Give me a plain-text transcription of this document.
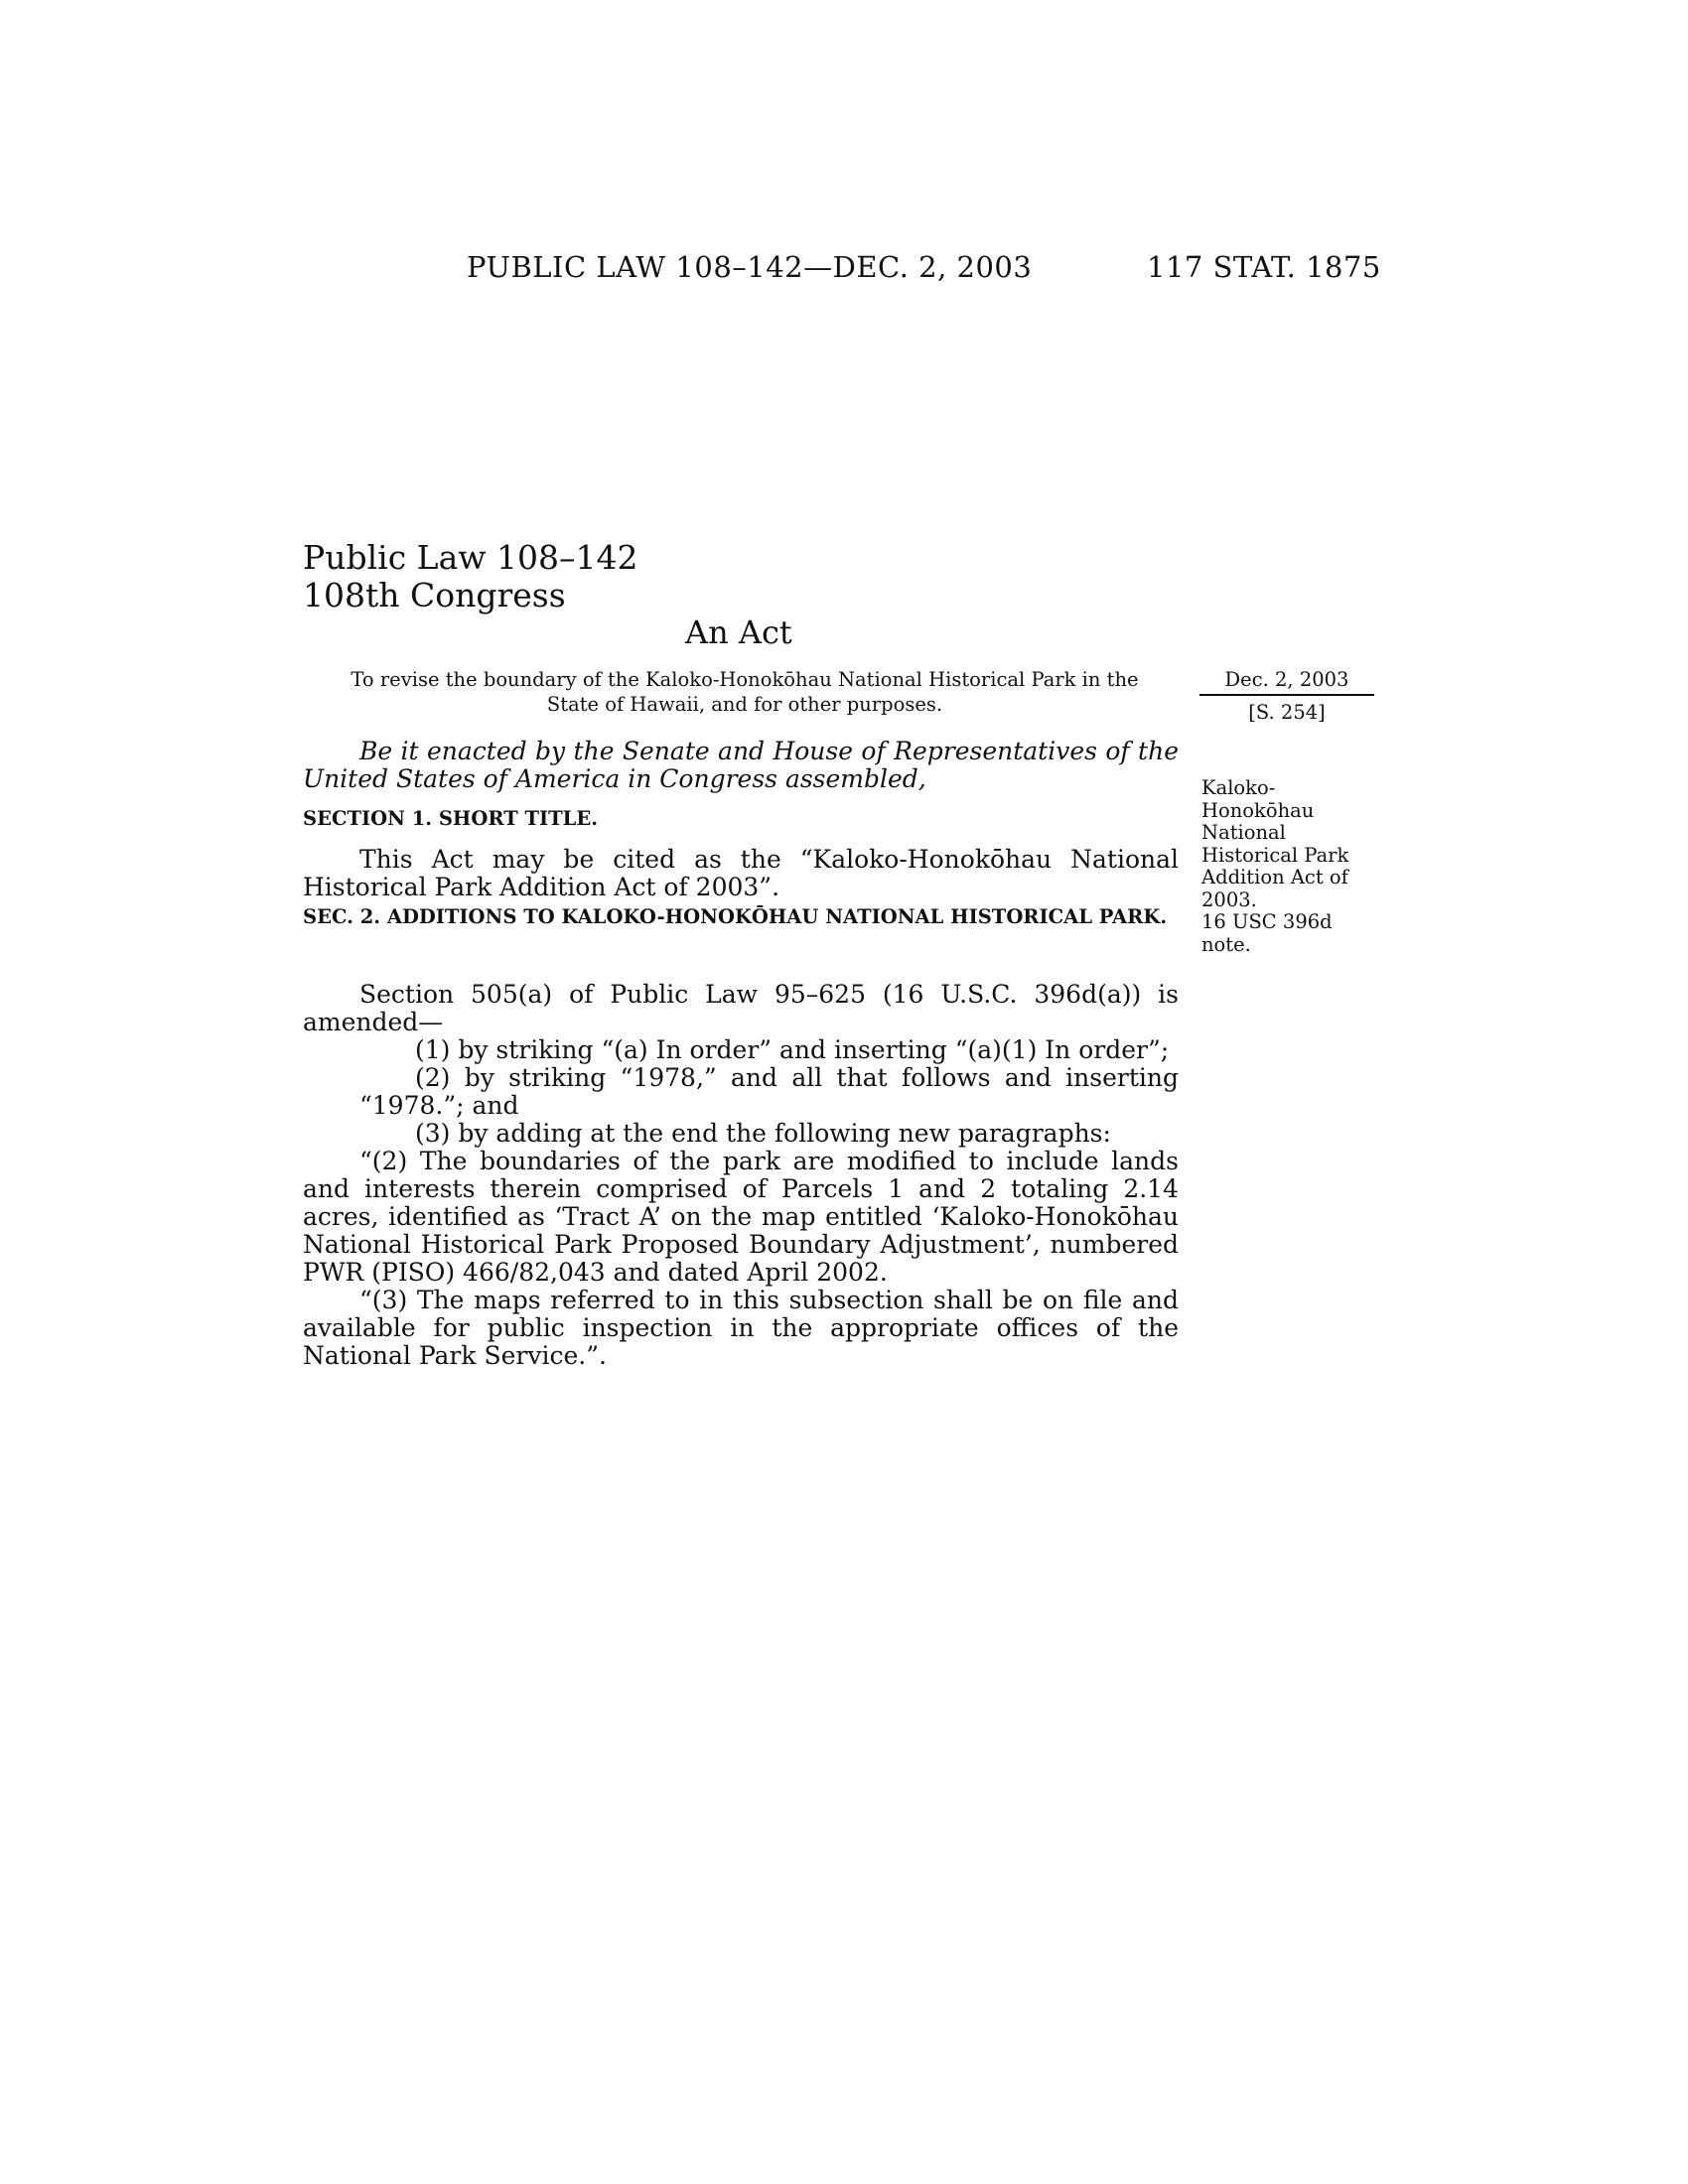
PUBLIC LAW 108–142—DEC. 2, 2003	117 STAT. 1875
Public Law 108–142
108th Congress
An Act
To revise the boundary of the Kaloko-Honokōhau National Historical Park in the
State of Hawaii, and for other purposes.
Dec. 2, 2003
[S. 254]
Kaloko-
Honokōhau
National
Historical Park
Addition Act of
2003.
16 USC 396d
note.
Be it enacted by the Senate and House of Representatives of the United States of America in Congress assembled,
SECTION 1. SHORT TITLE.
This Act may be cited as the “Kaloko-Honokōhau National Historical Park Addition Act of 2003”.
SEC. 2. ADDITIONS TO KALOKO-HONOKŌHAU NATIONAL HISTORICAL PARK.

Section 505(a) of Public Law 95–625 (16 U.S.C. 396d(a)) is amended—

(1) by striking “(a) In order” and inserting “(a)(1) In order”;

(2) by striking “1978,” and all that follows and inserting “1978.”; and

(3) by adding at the end the following new paragraphs:

“(2) The boundaries of the park are modified to include lands and interests therein comprised of Parcels 1 and 2 totaling 2.14 acres, identified as ‘Tract A’ on the map entitled ‘Kaloko-Honokōhau National Historical Park Proposed Boundary Adjustment’, numbered PWR (PISO) 466/82,043 and dated April 2002.

“(3) The maps referred to in this subsection shall be on file and available for public inspection in the appropriate offices of the National Park Service.”.
